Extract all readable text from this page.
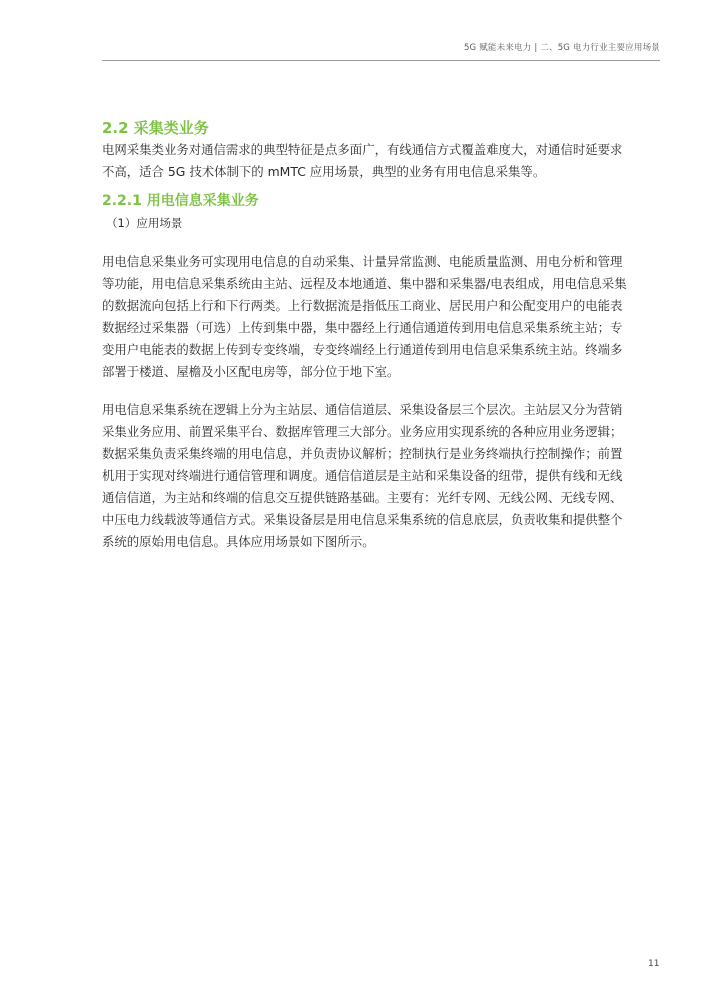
5G 赋能未来电力 | 二、5G 电力行业主要应用场景
2.2 采集类业务

电网采集类业务对通信需求的典型特征是点多面广，有线通信方式覆盖难度大，对通信时延要求

不高，适合 5G 技术体制下的 mMTC 应用场景，典型的业务有用电信息采集等。

2.2.1 用电信息采集业务
（1）应用场景

用电信息采集业务可实现用电信息的自动采集、计量异常监测、电能质量监测、用电分析和管理

等功能，用电信息采集系统由主站、远程及本地通道、集中器和采集器/电表组成，用电信息采集

的数据流向包括上行和下行两类。上行数据流是指低压工商业、居民用户和公配变用户的电能表

数据经过采集器（可选）上传到集中器，集中器经上行通信通道传到用电信息采集系统主站；专

变用户电能表的数据上传到专变终端，专变终端经上行通道传到用电信息采集系统主站。终端多

部署于楼道、屋檐及小区配电房等，部分位于地下室。

用电信息采集系统在逻辑上分为主站层、通信信道层、采集设备层三个层次。主站层又分为营销

采集业务应用、前置采集平台、数据库管理三大部分。业务应用实现系统的各种应用业务逻辑；

数据采集负责采集终端的用电信息，并负责协议解析；控制执行是业务终端执行控制操作；前置

机用于实现对终端进行通信管理和调度。通信信道层是主站和采集设备的纽带，提供有线和无线

通信信道，为主站和终端的信息交互提供链路基础。主要有：光纤专网、无线公网、无线专网、

中压电力线载波等通信方式。采集设备层是用电信息采集系统的信息底层，负责收集和提供整个

系统的原始用电信息。具体应用场景如下图所示。

11
